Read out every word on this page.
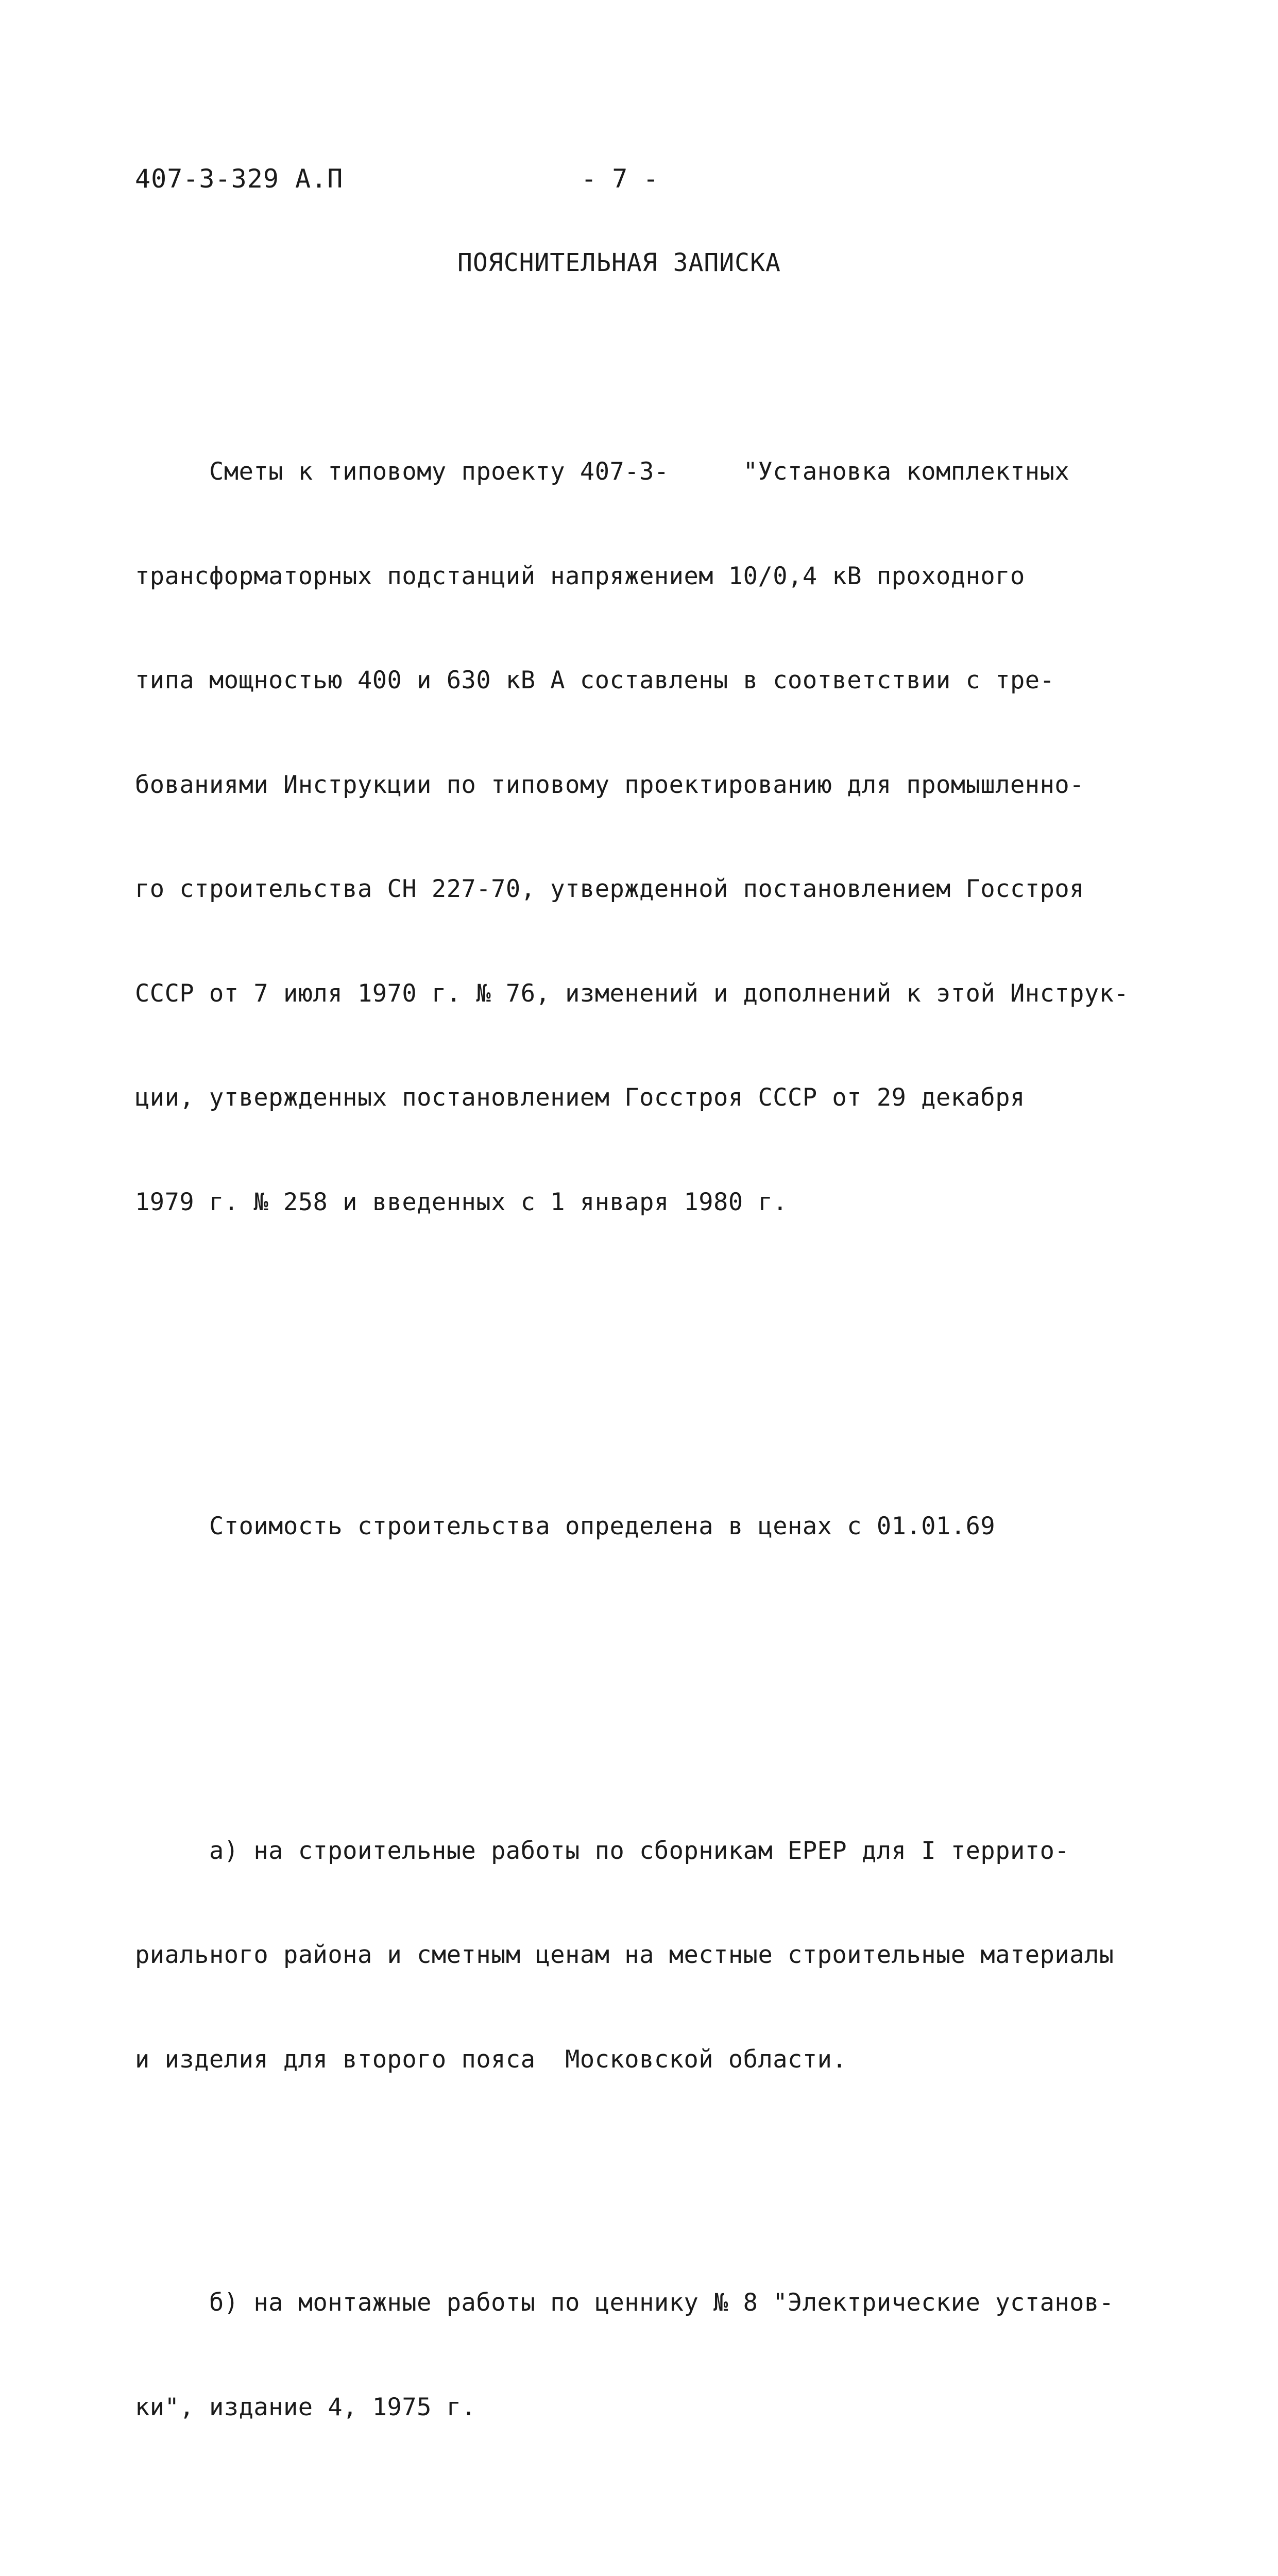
407-3-329 А.П	- 7 -
ПОЯСНИТЕЛЬНАЯ ЗАПИСКА

Сметы к типовому проекту 407-3-     "Установка комплектных

трансформаторных подстанций напряжением 10/0,4 кВ проходного

типа мощностью 400 и 630 кВ А составлены в соответствии с тре-

бованиями Инструкции по типовому проектированию для промышленно-

го строительства СН 227-70, утвержденной постановлением Госстроя

СССР от 7 июля 1970 г. № 76, изменений и дополнений к этой Инструк-

ции, утвержденных постановлением Госстроя СССР от 29 декабря

1979 г. № 258 и введенных с 1 января 1980 г.

Стоимость строительства определена в ценах с 01.01.69

а) на строительные работы по сборникам ЕРЕР для I террито-

риального района и сметным ценам на местные строительные материалы

и изделия для второго пояса  Московской области.

б) на монтажные работы по ценнику № 8 "Электрические установ-

ки", издание 4, 1975 г.
